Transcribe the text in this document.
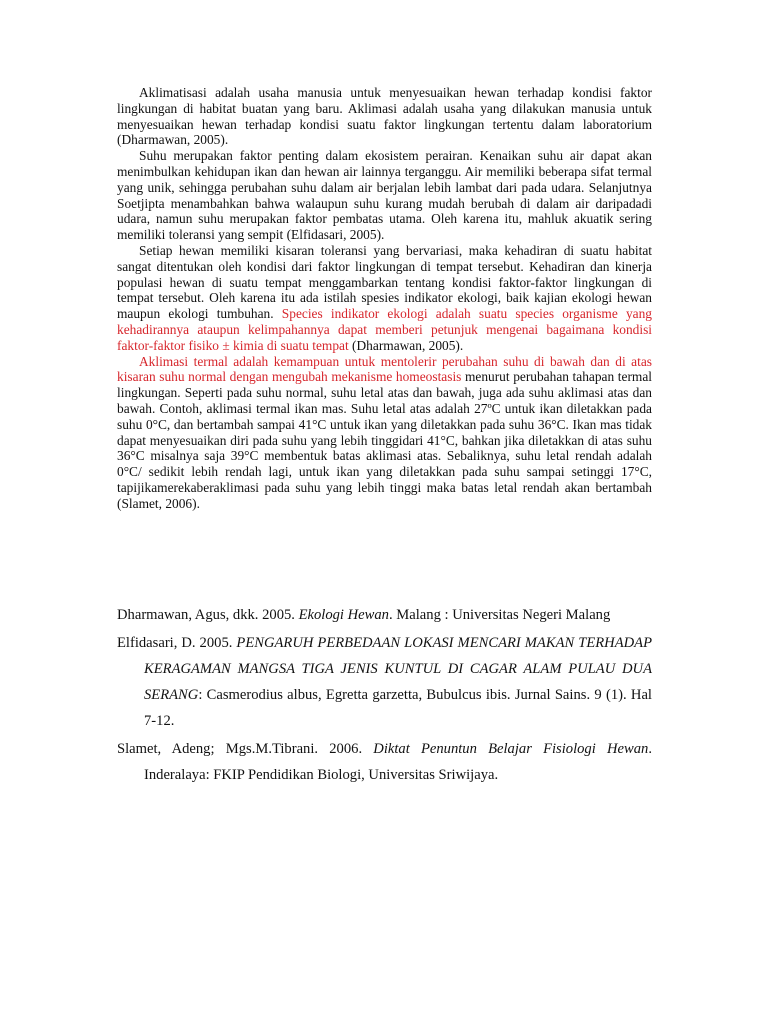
Aklimatisasi adalah usaha manusia untuk menyesuaikan hewan terhadap kondisi faktor lingkungan di habitat buatan yang baru. Aklimasi adalah usaha yang dilakukan manusia untuk menyesuaikan hewan terhadap kondisi suatu faktor lingkungan tertentu dalam laboratorium (Dharmawan, 2005).

Suhu merupakan faktor penting dalam ekosistem perairan. Kenaikan suhu air dapat akan menimbulkan kehidupan ikan dan hewan air lainnya terganggu. Air memiliki beberapa sifat termal yang unik, sehingga perubahan suhu dalam air berjalan lebih lambat dari pada udara. Selanjutnya Soetjipta menambahkan bahwa walaupun suhu kurang mudah berubah di dalam air daripadadi udara, namun suhu merupakan faktor pembatas utama. Oleh karena itu, mahluk akuatik sering memiliki toleransi yang sempit (Elfidasari, 2005).

Setiap hewan memiliki kisaran toleransi yang bervariasi, maka kehadiran di suatu habitat sangat ditentukan oleh kondisi dari faktor lingkungan di tempat tersebut. Kehadiran dan kinerja populasi hewan di suatu tempat menggambarkan tentang kondisi faktor-faktor lingkungan di tempat tersebut. Oleh karena itu ada istilah spesies indikator ekologi, baik kajian ekologi hewan maupun ekologi tumbuhan. Species indikator ekologi adalah suatu species organisme yang kehadirannya ataupun kelimpahannya dapat memberi petunjuk mengenai bagaimana kondisi faktor-faktor fisiko ± kimia di suatu tempat (Dharmawan, 2005).

Aklimasi termal adalah kemampuan untuk mentolerir perubahan suhu di bawah dan di atas kisaran suhu normal dengan mengubah mekanisme homeostasis menurut perubahan tahapan termal lingkungan. Seperti pada suhu normal, suhu letal atas dan bawah, juga ada suhu aklimasi atas dan bawah. Contoh, aklimasi termal ikan mas. Suhu letal atas adalah 27ºC untuk ikan diletakkan pada suhu 0°C, dan bertambah sampai 41°C untuk ikan yang diletakkan pada suhu 36°C. Ikan mas tidak dapat menyesuaikan diri pada suhu yang lebih tinggidari 41°C, bahkan jika diletakkan di atas suhu 36°C misalnya saja 39°C membentuk batas aklimasi atas. Sebaliknya, suhu letal rendah adalah 0°C/ sedikit lebih rendah lagi, untuk ikan yang diletakkan pada suhu sampai setinggi 17°C, tapijikamerekaberaklimasi pada suhu yang lebih tinggi maka batas letal rendah akan bertambah (Slamet, 2006).

Dharmawan, Agus, dkk. 2005. Ekologi Hewan. Malang : Universitas Negeri Malang

Elfidasari, D. 2005. PENGARUH PERBEDAAN LOKASI MENCARI MAKAN TERHADAP KERAGAMAN MANGSA TIGA JENIS KUNTUL DI CAGAR ALAM PULAU DUA SERANG: Casmerodius albus, Egretta garzetta, Bubulcus ibis. Jurnal Sains. 9 (1). Hal 7-12.

Slamet, Adeng; Mgs.M.Tibrani. 2006. Diktat Penuntun Belajar Fisiologi Hewan. Inderalaya: FKIP Pendidikan Biologi, Universitas Sriwijaya.
